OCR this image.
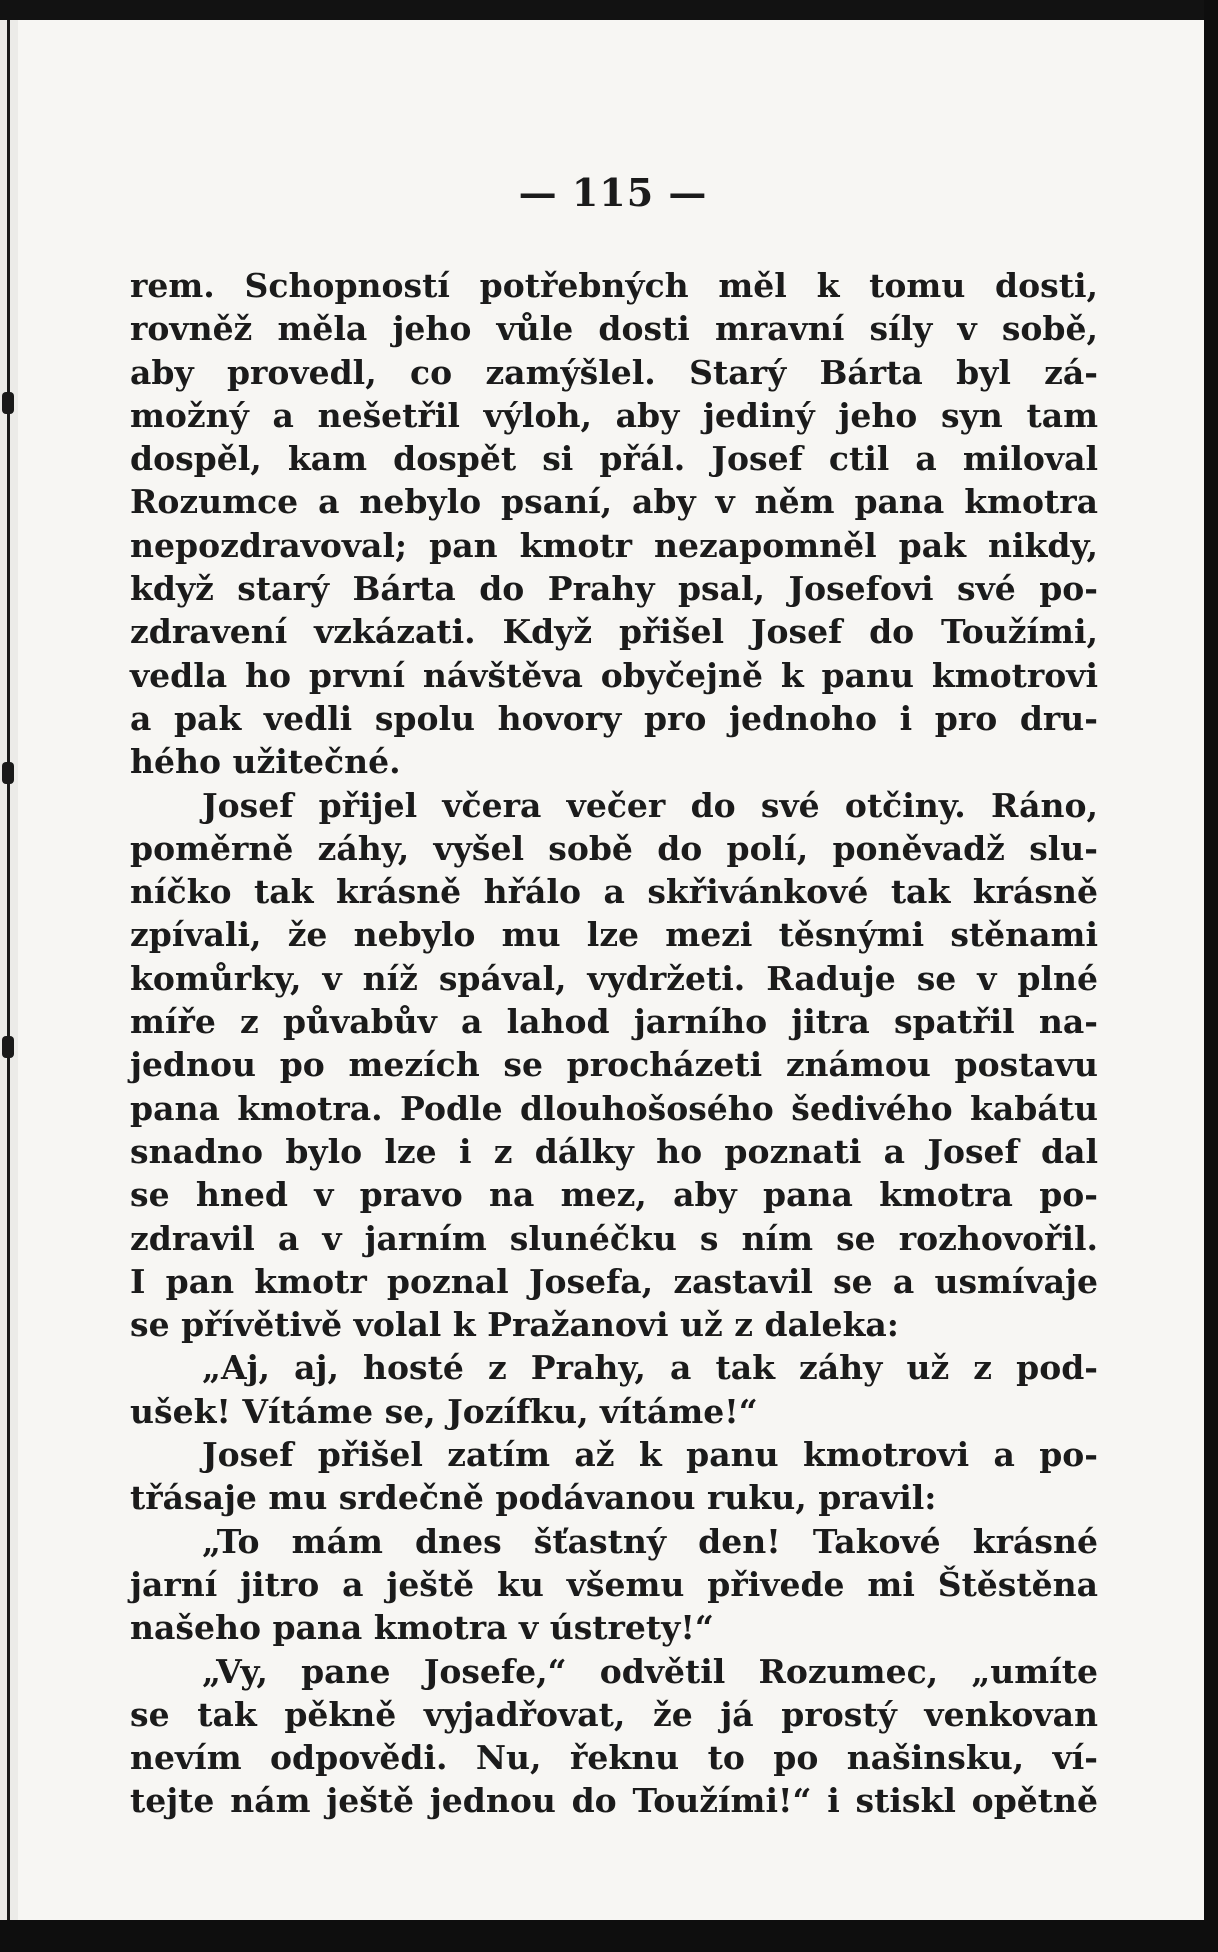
— 115 —
rem. Schopností potřebných měl k tomu dosti,
rovněž měla jeho vůle dosti mravní síly v sobě,
aby provedl, co zamýšlel. Starý Bárta byl zá-
možný a nešetřil výloh, aby jediný jeho syn tam
dospěl, kam dospět si přál. Josef ctil a miloval
Rozumce a nebylo psaní, aby v něm pana kmotra
nepozdravoval; pan kmotr nezapomněl pak nikdy,
když starý Bárta do Prahy psal, Josefovi své po-
zdravení vzkázati. Když přišel Josef do Toužími,
vedla ho první návštěva obyčejně k panu kmotrovi
a pak vedli spolu hovory pro jednoho i pro dru-
hého užitečné.
Josef přijel včera večer do své otčiny. Ráno,
poměrně záhy, vyšel sobě do polí, poněvadž slu-
níčko tak krásně hřálo a skřivánkové tak krásně
zpívali, že nebylo mu lze mezi těsnými stěnami
komůrky, v níž spával, vydržeti. Raduje se v plné
míře z půvabův a lahod jarního jitra spatřil na-
jednou po mezích se procházeti známou postavu
pana kmotra. Podle dlouhošosého šedivého kabátu
snadno bylo lze i z dálky ho poznati a Josef dal
se hned v pravo na mez, aby pana kmotra po-
zdravil a v jarním slunéčku s ním se rozhovořil.
I pan kmotr poznal Josefa, zastavil se a usmívaje
se přívětivě volal k Pražanovi už z daleka:
„Aj, aj, hosté z Prahy, a tak záhy už z pod-
ušek! Vítáme se, Jozífku, vítáme!“
Josef přišel zatím až k panu kmotrovi a po-
třásaje mu srdečně podávanou ruku, pravil:
„To mám dnes šťastný den! Takové krásné
jarní jitro a ještě ku všemu přivede mi Štěstěna
našeho pana kmotra v ústrety!“
„Vy, pane Josefe,“ odvětil Rozumec, „umíte
se tak pěkně vyjadřovat, že já prostý venkovan
nevím odpovědi. Nu, řeknu to po našinsku, ví-
tejte nám ještě jednou do Toužími!“ i stiskl opětně
